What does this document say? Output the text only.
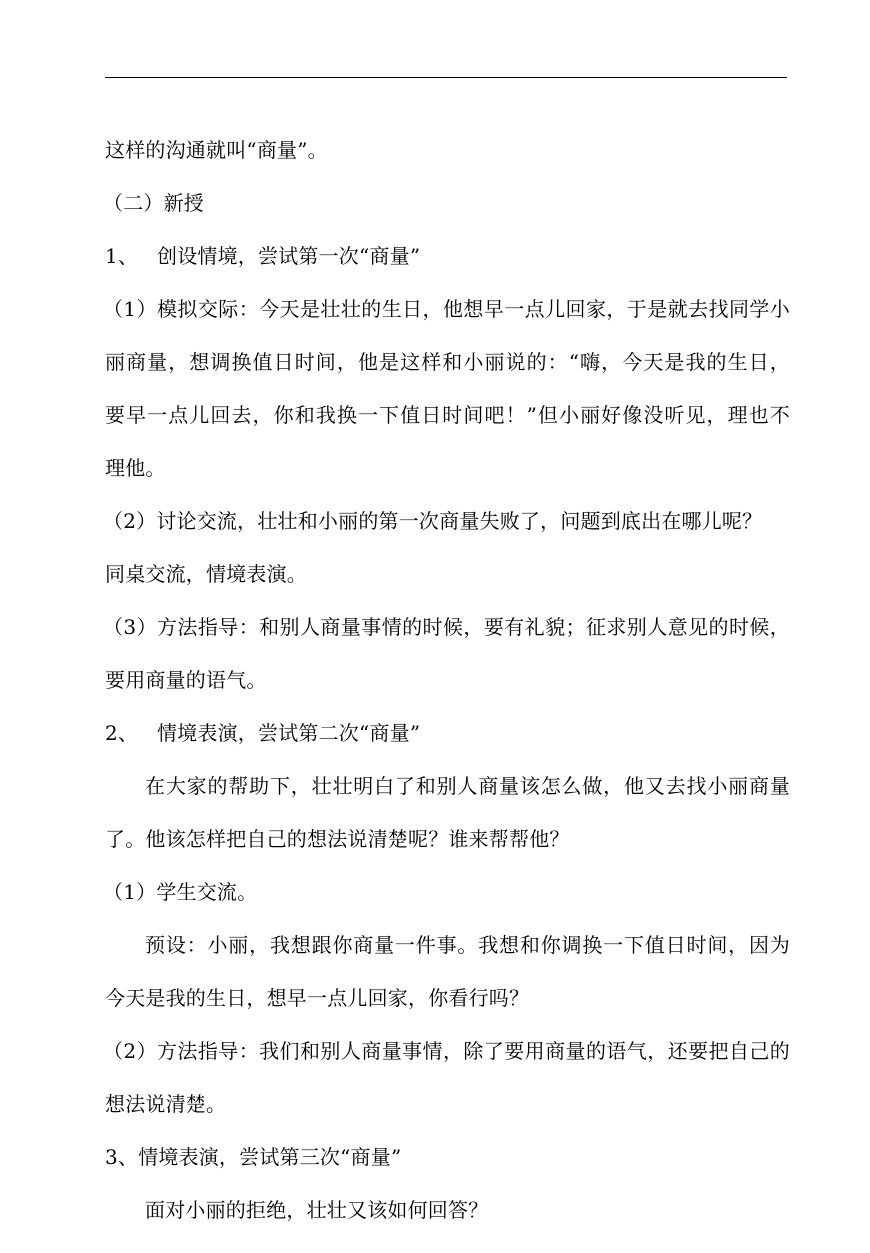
这样的沟通就叫“商量”。
（二）新授
1、 创设情境，尝试第一次“商量”
（1）模拟交际：今天是壮壮的生日，他想早一点儿回家，于是就去找同学小
丽商量，想调换值日时间，他是这样和小丽说的：“嗨，今天是我的生日，
要早一点儿回去，你和我换一下值日时间吧！”但小丽好像没听见，理也不
理他。
（2）讨论交流，壮壮和小丽的第一次商量失败了，问题到底出在哪儿呢？
同桌交流，情境表演。
（3）方法指导：和别人商量事情的时候，要有礼貌；征求别人意见的时候，
要用商量的语气。
2、 情境表演，尝试第二次“商量”
在大家的帮助下，壮壮明白了和别人商量该怎么做，他又去找小丽商量
了。他该怎样把自己的想法说清楚呢？谁来帮帮他？
（1）学生交流。
预设：小丽，我想跟你商量一件事。我想和你调换一下值日时间，因为
今天是我的生日，想早一点儿回家，你看行吗？
（2）方法指导：我们和别人商量事情，除了要用商量的语气，还要把自己的
想法说清楚。
3、情境表演，尝试第三次“商量”
面对小丽的拒绝，壮壮又该如何回答？
